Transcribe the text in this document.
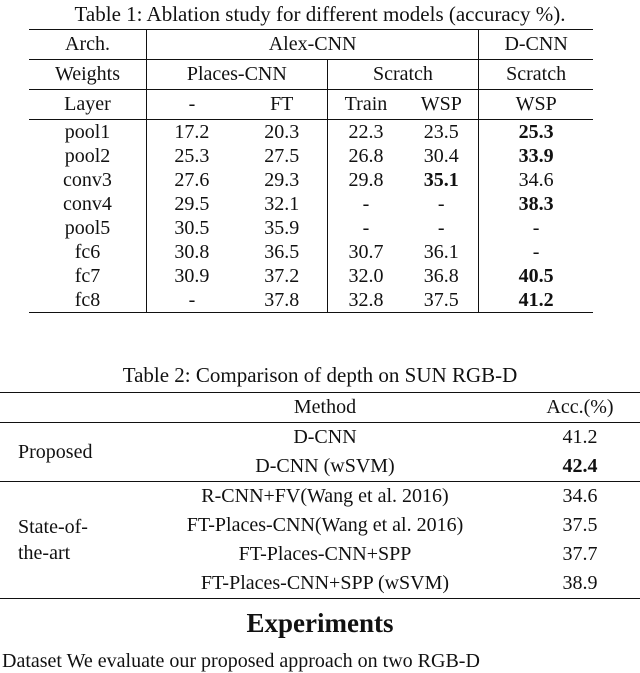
Table 1: Ablation study for different models (accuracy %).
Arch.	Alex-CNN				D-CNN
Weights	Places-CNN		Scratch		Scratch
Layer	-	FT	Train	WSP	WSP
pool1	17.2	20.3	22.3	23.5	25.3
pool2	25.3	27.5	26.8	30.4	33.9
conv3	27.6	29.3	29.8	35.1	34.6
conv4	29.5	32.1	-	-	38.3
pool5	30.5	35.9	-	-	-
fc6	30.8	36.5	30.7	36.1	-
fc7	30.9	37.2	32.0	36.8	40.5
fc8	-	37.8	32.8	37.5	41.2
Table 2: Comparison of depth on SUN RGB-D
	Method	Acc.(%)
Proposed	D-CNN	41.2
	D-CNN (wSVM)	42.4

State-of-
the-art	R-CNN+FV(Wang et al. 2016)	34.6
	FT-Places-CNN(Wang et al. 2016)	37.5
	FT-Places-CNN+SPP	37.7
	FT-Places-CNN+SPP (wSVM)	38.9
Experiments
Dataset We evaluate our proposed approach on two RGB-D
